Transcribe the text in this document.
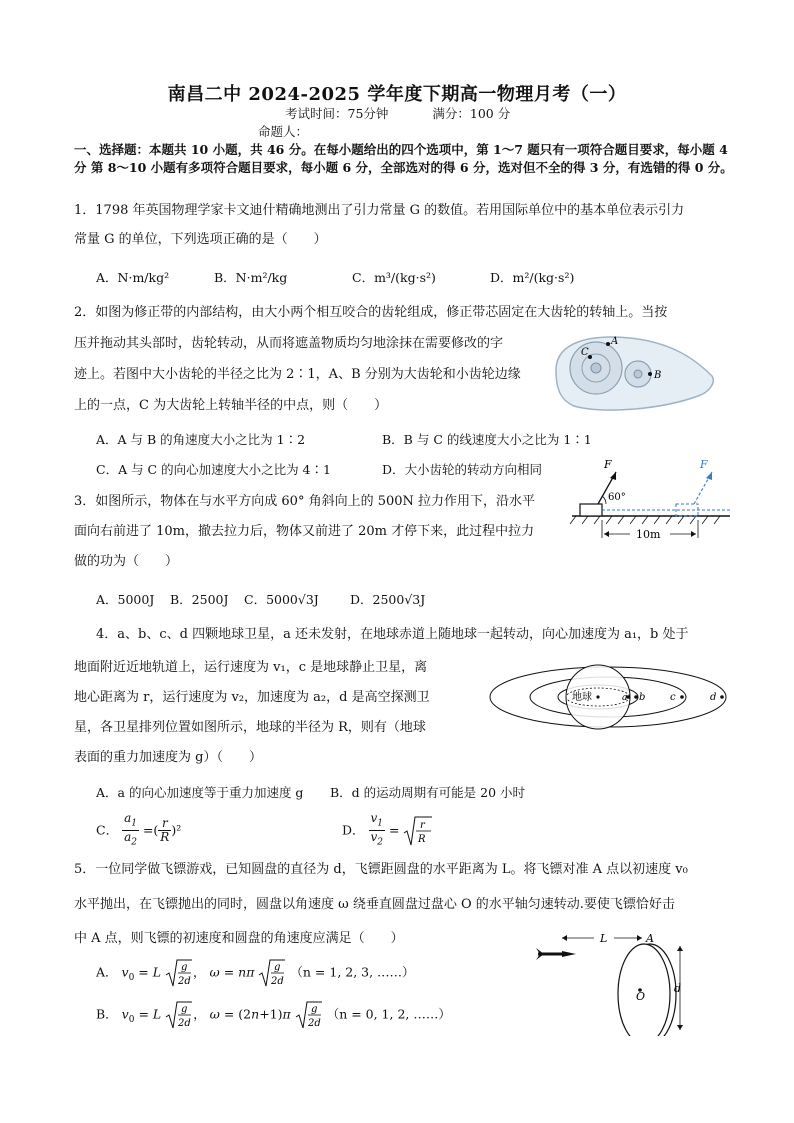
南昌二中 2024-2025 学年度下期高一物理月考（一）
考试时间：75分钟	满分：100 分
命题人：
一、选择题：本题共 10 小题，共 46 分。在每小题给出的四个选项中，第 1～7 题只有一项符合题目要求，每小题 4 分 第 8～10 小题有多项符合题目要求，每小题 6 分，全部选对的得 6 分，选对但不全的得 3 分，有选错的得 0 分。
1．1798 年英国物理学家卡文迪什精确地测出了引力常量 G 的数值。若用国际单位中的基本单位表示引力
常量 G 的单位，下列选项正确的是（　　）
A．N·m/kg²	B．N·m²/kg	C．m³/(kg·s²)	D．m²/(kg·s²)
2．如图为修正带的内部结构，由大小两个相互咬合的齿轮组成，修正带芯固定在大齿轮的转轴上。当按
压并拖动其头部时，齿轮转动，从而将遮盖物质均匀地涂抹在需要修改的字
迹上。若图中大小齿轮的半径之比为 2∶1，A、B 分别为大齿轮和小齿轮边缘
上的一点，C 为大齿轮上转轴半径的中点，则（　　）
A
B
C
A．A 与 B 的角速度大小之比为 1∶2	B．B 与 C 的线速度大小之比为 1∶1
C．A 与 C 的向心加速度大小之比为 4∶1	D．大小齿轮的转动方向相同
3．如图所示，物体在与水平方向成 60° 角斜向上的 500N 拉力作用下，沿水平
面向右前进了 10m，撤去拉力后，物体又前进了 20m 才停下来，此过程中拉力
做的功为（　　）
F	F
60°
10m
A．5000J B．2500J C．5000√3J D．2500√3J
4．a、b、c、d 四颗地球卫星，a 还未发射，在地球赤道上随地球一起转动，向心加速度为 a₁，b 处于
地面附近近地轨道上，运行速度为 v₁，c 是地球静止卫星，离
地心距离为 r，运行速度为 v₂，加速度为 a₂，d 是高空探测卫
星，各卫星排列位置如图所示，地球的半径为 R，则有（地球
表面的重力加速度为 g）（　　）
地球	a b c	d
A．a 的向心加速度等于重力加速度 g B．d 的运动周期有可能是 20 小时
C． $\frac{a_1}{a_2}$ =( $\frac{r}{R} )^2$	D． $\frac{v_1}{v_2} = r$
R
5．一位同学做飞镖游戏，已知圆盘的直径为 d，飞镖距圆盘的水平距离为 L。将飞镖对准 A 点以初速度 v₀
水平抛出，在飞镖抛出的同时，圆盘以角速度 ω 绕垂直圆盘过盘心 O 的水平轴匀速转动.要使飞镖恰好击
中 A 点，则飞镖的初速度和圆盘的角速度应满足（　　）
A． $v_0 = L$ g
2d
， ω = nπ g
2d
（n = 1, 2, 3, ……）
B． $v_0 = L$ g
2d
， ω = (2n+1)π g
2d
（n = 0, 1, 2, ……）
L	A
O
d
